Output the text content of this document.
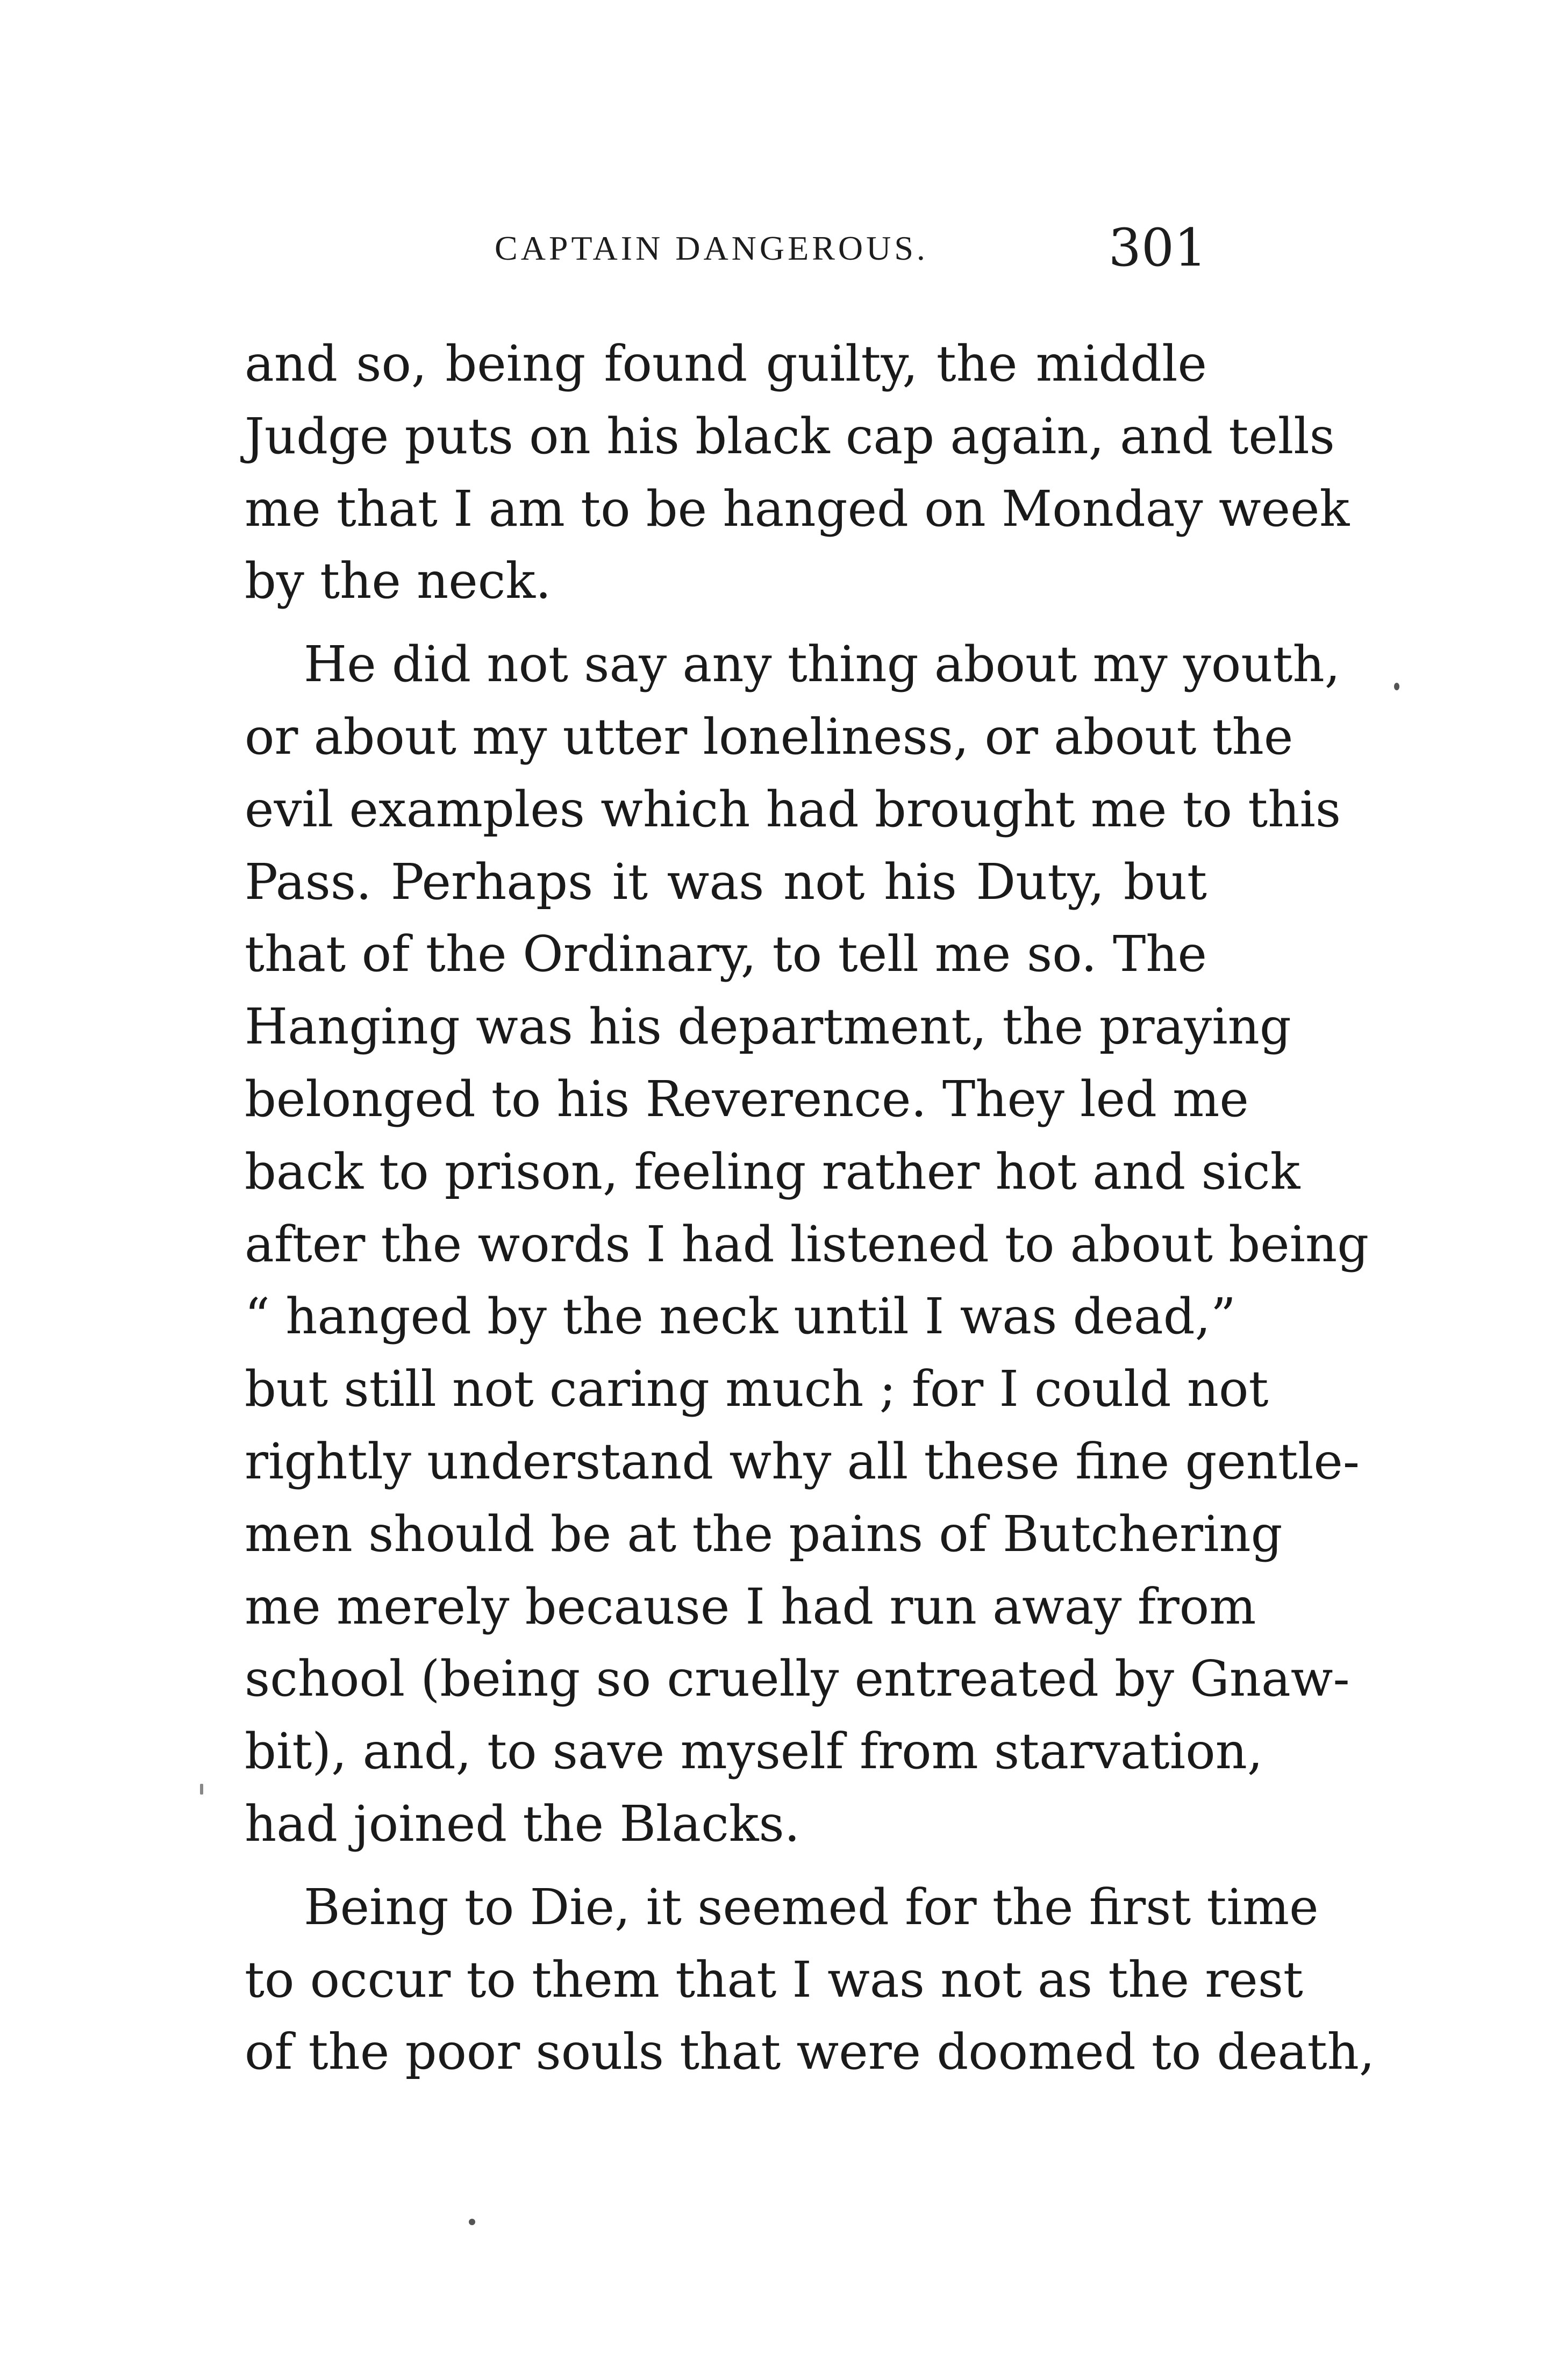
CAPTAIN DANGEROUS.	301
and so, being found guilty, the middle
Judge puts on his black cap again, and tells
me that I am to be hanged on Monday week
by the neck.
He did not say any thing about my youth,
or about my utter loneliness, or about the
evil examples which had brought me to this
Pass. Perhaps it was not his Duty, but
that of the Ordinary, to tell me so. The
Hanging was his department, the praying
belonged to his Reverence. They led me
back to prison, feeling rather hot and sick
after the words I had listened to about being
“ hanged by the neck until I was dead,”
but still not caring much ; for I could not
rightly understand why all these fine gentle-
men should be at the pains of Butchering
me merely because I had run away from
school (being so cruelly entreated by Gnaw-
bit), and, to save myself from starvation,
had joined the Blacks.
Being to Die, it seemed for the first time
to occur to them that I was not as the rest
of the poor souls that were doomed to death,
